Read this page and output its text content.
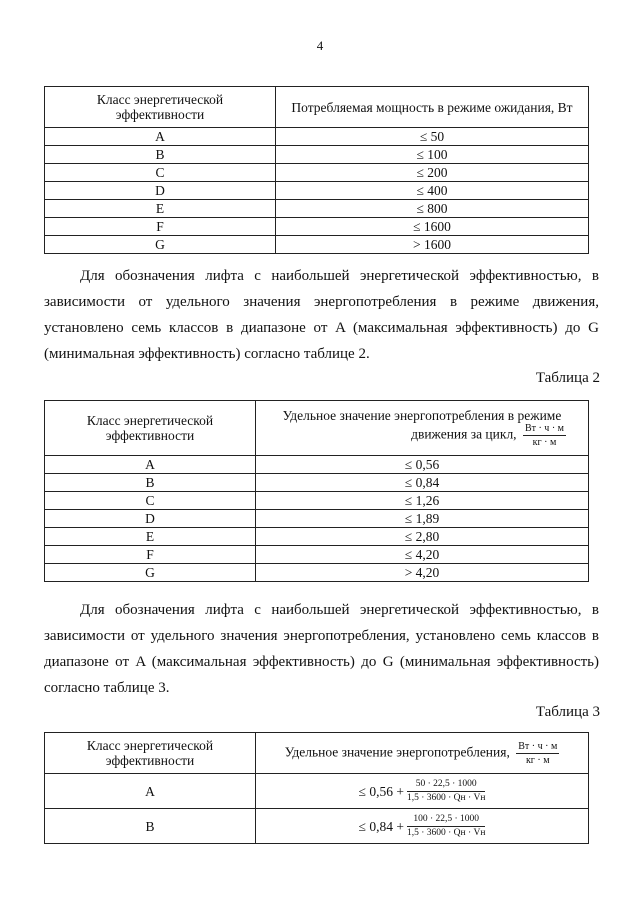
4
Класс энергетической эффективности	Потребляемая мощность в режиме ожидания, Вт
A	≤ 50
B	≤ 100
C	≤ 200
D	≤ 400
E	≤ 800
F	≤ 1600
G	> 1600
Для обозначения лифта с наибольшей энергетической эффективностью, в
зависимости от удельного значения энергопотребления в режиме движения,
установлено семь классов в диапазоне от A (максимальная эффективность) до G
(минимальная эффективность) согласно таблице 2.
Таблица 2
Класс энергетической эффективности	Удельное значение энергопотребления в режиме
движения за цикл, $\frac{Вт \cdot ч \cdot м}{кг \cdot м}$

A	≤ 0,56
B	≤ 0,84
C	≤ 1,26
D	≤ 1,89
E	≤ 2,80
F	≤ 4,20
G	> 4,20
Для обозначения лифта с наибольшей энергетической эффективностью, в
зависимости от удельного значения энергопотребления, установлено семь классов в
диапазоне от A (максимальная эффективность) до G (минимальная эффективность)
согласно таблице 3.
Таблица 3
Класс энергетической эффективности	Удельное значение энергопотребления, $\frac{Вт \cdot ч \cdot м}{кг \cdot м}$

A	≤ $0,56 + \frac{50 \cdot 22,5 \cdot 1000}{1,5 \cdot 3600 \cdot Qн \cdot Vн}$

B	≤ $0,84 + \frac{100 \cdot 22,5 \cdot 1000}{1,5 \cdot 3600 \cdot Qн \cdot Vн}$
